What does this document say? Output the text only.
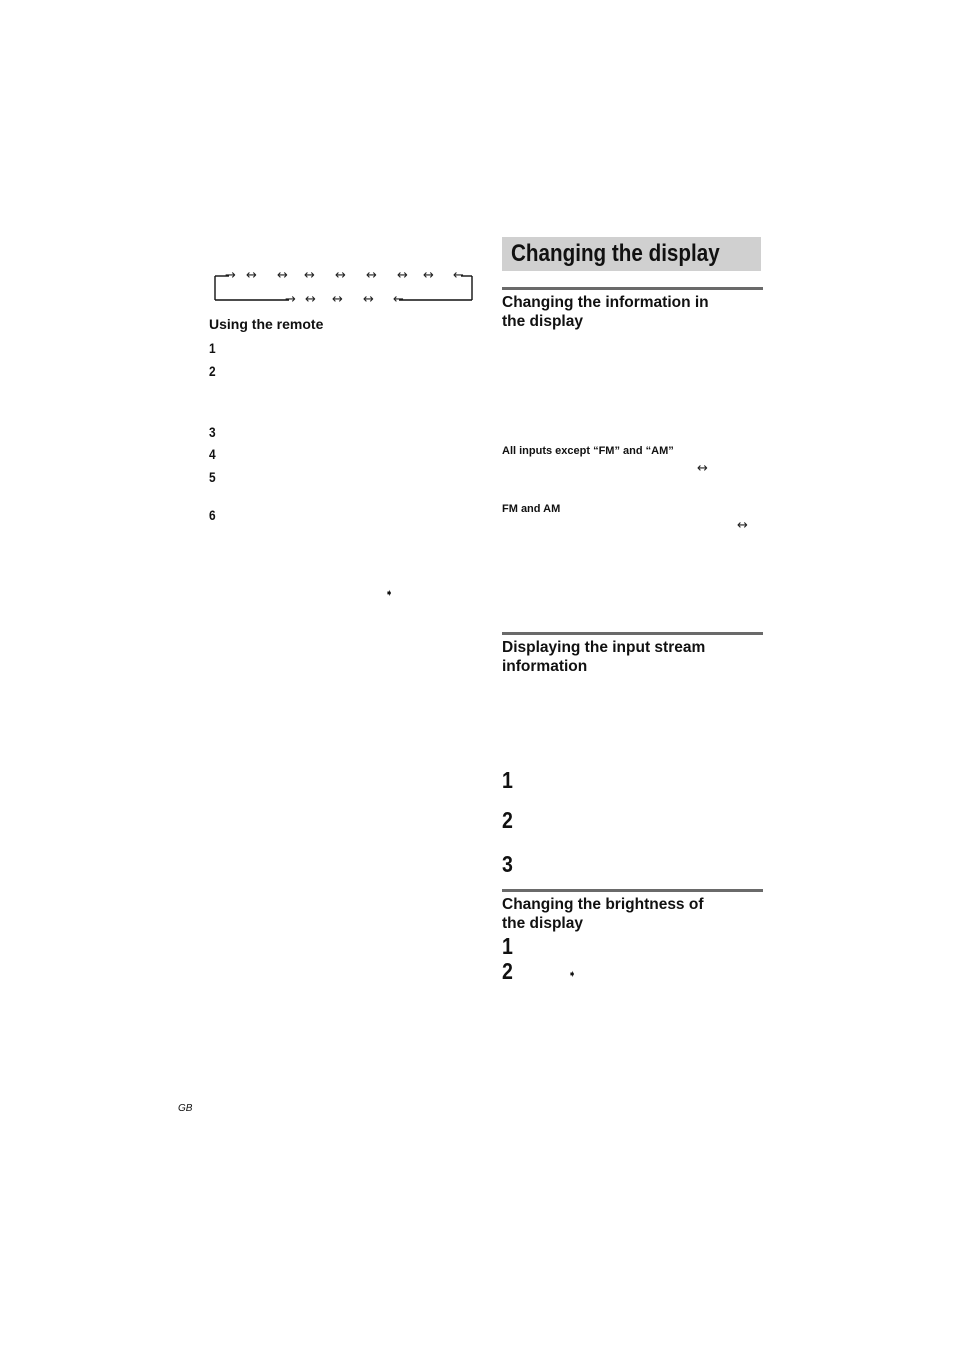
→ ↔ ↔ ↔ ↔ ↔ ↔ ↔ ←
→ ↔ ↔ ↔ ←
Using the remote
1
2
3
4
5
6
➧
Changing the display
Changing the information in
the display
All inputs except “FM” and “AM”
↔
FM and AM
↔
Displaying the input stream
information
1
2
3
Changing the brightness of
the display
1
2	➧
GB
